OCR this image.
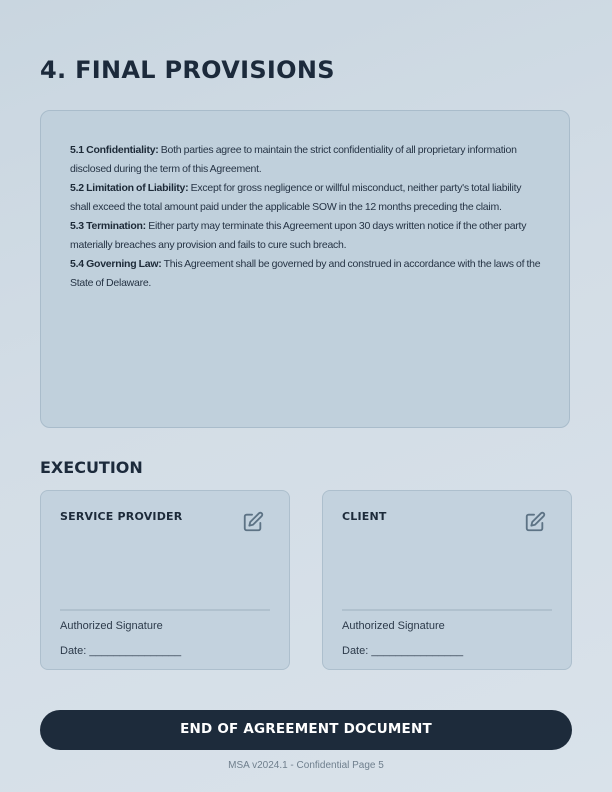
4. FINAL PROVISIONS

5.1 Confidentiality: Both parties agree to maintain the strict confidentiality of all proprietary information disclosed during the term of this Agreement.

5.2 Limitation of Liability: Except for gross negligence or willful misconduct, neither party's total liability shall exceed the total amount paid under the applicable SOW in the 12 months preceding the claim.

5.3 Termination: Either party may terminate this Agreement upon 30 days written notice if the other party materially breaches any provision and fails to cure such breach.

5.4 Governing Law: This Agreement shall be governed by and construed in accordance with the laws of the State of Delaware.

EXECUTION
SERVICE PROVIDER
Authorized Signature
Date: _______________
CLIENT
Authorized Signature
Date: _______________
END OF AGREEMENT DOCUMENT
MSA v2024.1 - Confidential Page 5
